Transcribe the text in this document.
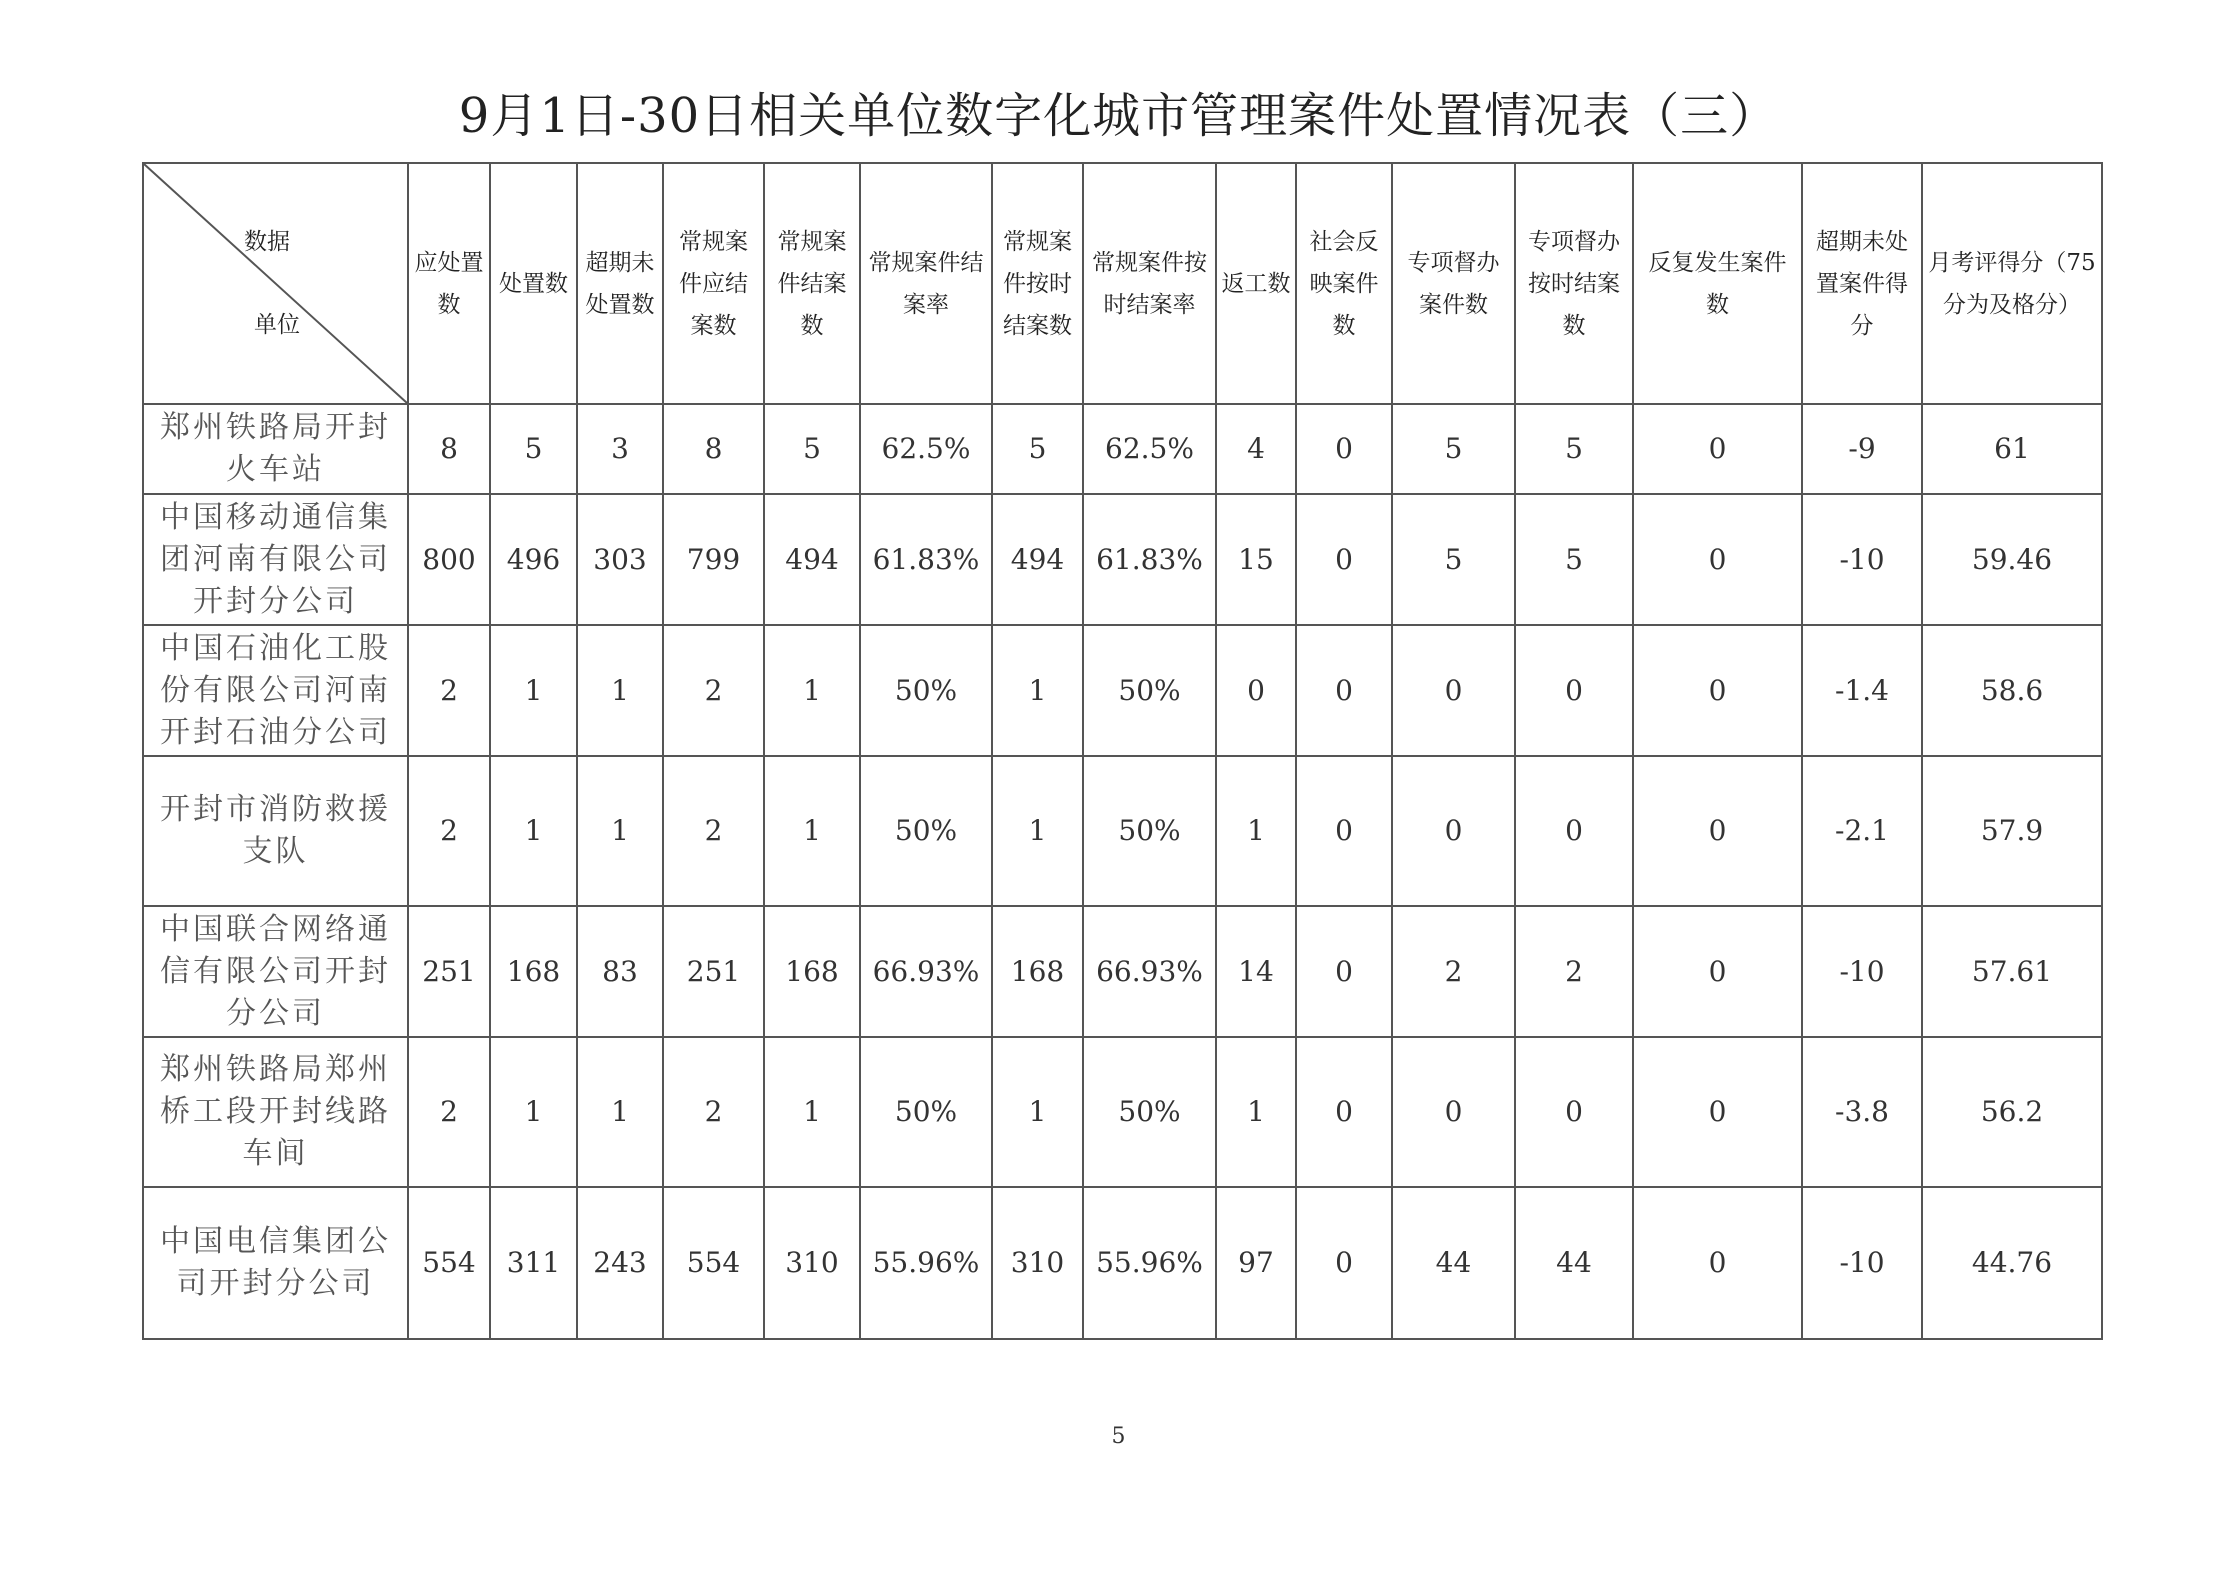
9月1日-30日相关单位数字化城市管理案件处置情况表（三）
数据
单位	应处置数	处置数	超期未处置数	常规案件应结案数	常规案件结案数	常规案件结案率	常规案件按时结案数	常规案件按时结案率	返工数	社会反映案件数	专项督办案件数	专项督办按时结案数	反复发生案件数	超期未处置案件得分	月考评得分（75分为及格分）
郑州铁路局开封火车站	8	5	3	8	5	62.5%	5	62.5%	4	0	5	5	0	-9	61
中国移动通信集团河南有限公司开封分公司	800	496	303	799	494	61.83%	494	61.83%	15	0	5	5	0	-10	59.46
中国石油化工股份有限公司河南开封石油分公司	2	1	1	2	1	50%	1	50%	0	0	0	0	0	-1.4	58.6
开封市消防救援支队	2	1	1	2	1	50%	1	50%	1	0	0	0	0	-2.1	57.9
中国联合网络通信有限公司开封分公司	251	168	83	251	168	66.93%	168	66.93%	14	0	2	2	0	-10	57.61
郑州铁路局郑州桥工段开封线路车间	2	1	1	2	1	50%	1	50%	1	0	0	0	0	-3.8	56.2
中国电信集团公司开封分公司	554	311	243	554	310	55.96%	310	55.96%	97	0	44	44	0	-10	44.76
5
